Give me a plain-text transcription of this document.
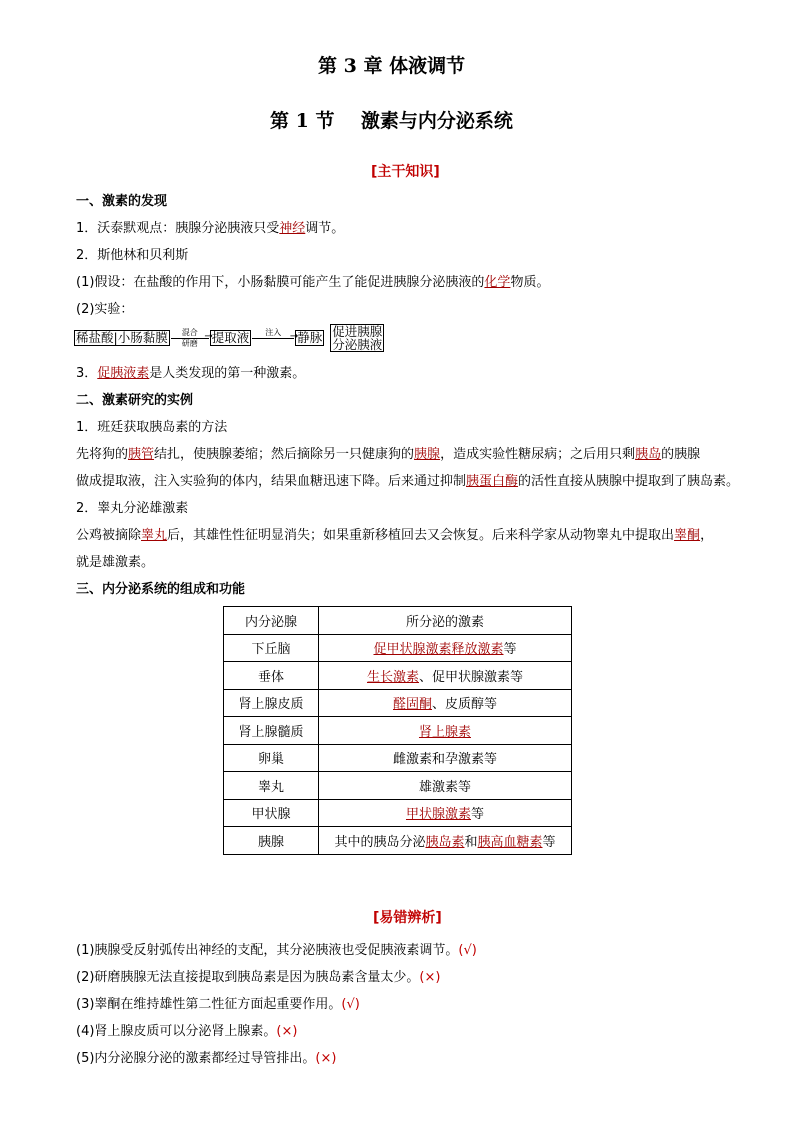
第 3 章 体液调节
第 1 节    激素与内分泌系统
[主干知识]
一、激素的发现
1．沃泰默观点：胰腺分泌胰液只受神经调节。
2．斯他林和贝利斯
(1)假设：在盐酸的作用下，小肠黏膜可能产生了能促进胰腺分泌胰液的化学物质。
(2)实验：
稀盐酸|小肠黏膜	混合 →
研磨	提取液	注入 → 静脉 促进胰腺
分泌胰液
3．促胰液素是人类发现的第一种激素。
二、激素研究的实例
1．班廷获取胰岛素的方法
先将狗的胰管结扎，使胰腺萎缩；然后摘除另一只健康狗的胰腺，造成实验性糖尿病；之后用只剩胰岛的胰腺
做成提取液，注入实验狗的体内，结果血糖迅速下降。后来通过抑制胰蛋白酶的活性直接从胰腺中提取到了胰岛素。
2．睾丸分泌雄激素
公鸡被摘除睾丸后，其雄性性征明显消失；如果重新移植回去又会恢复。后来科学家从动物睾丸中提取出睾酮，
就是雄激素。
三、内分泌系统的组成和功能
内分泌腺	所分泌的激素
下丘脑	促甲状腺激素释放激素等
垂体	生长激素、促甲状腺激素等
肾上腺皮质	醛固酮、皮质醇等
肾上腺髓质	肾上腺素
卵巢	雌激素和孕激素等
睾丸	雄激素等
甲状腺	甲状腺激素等
胰腺	其中的胰岛分泌胰岛素和胰高血糖素等
[易错辨析]
(1)胰腺受反射弧传出神经的支配，其分泌胰液也受促胰液素调节。(√)
(2)研磨胰腺无法直接提取到胰岛素是因为胰岛素含量太少。(×)
(3)睾酮在维持雄性第二性征方面起重要作用。(√)
(4)肾上腺皮质可以分泌肾上腺素。(×)
(5)内分泌腺分泌的激素都经过导管排出。(×)
